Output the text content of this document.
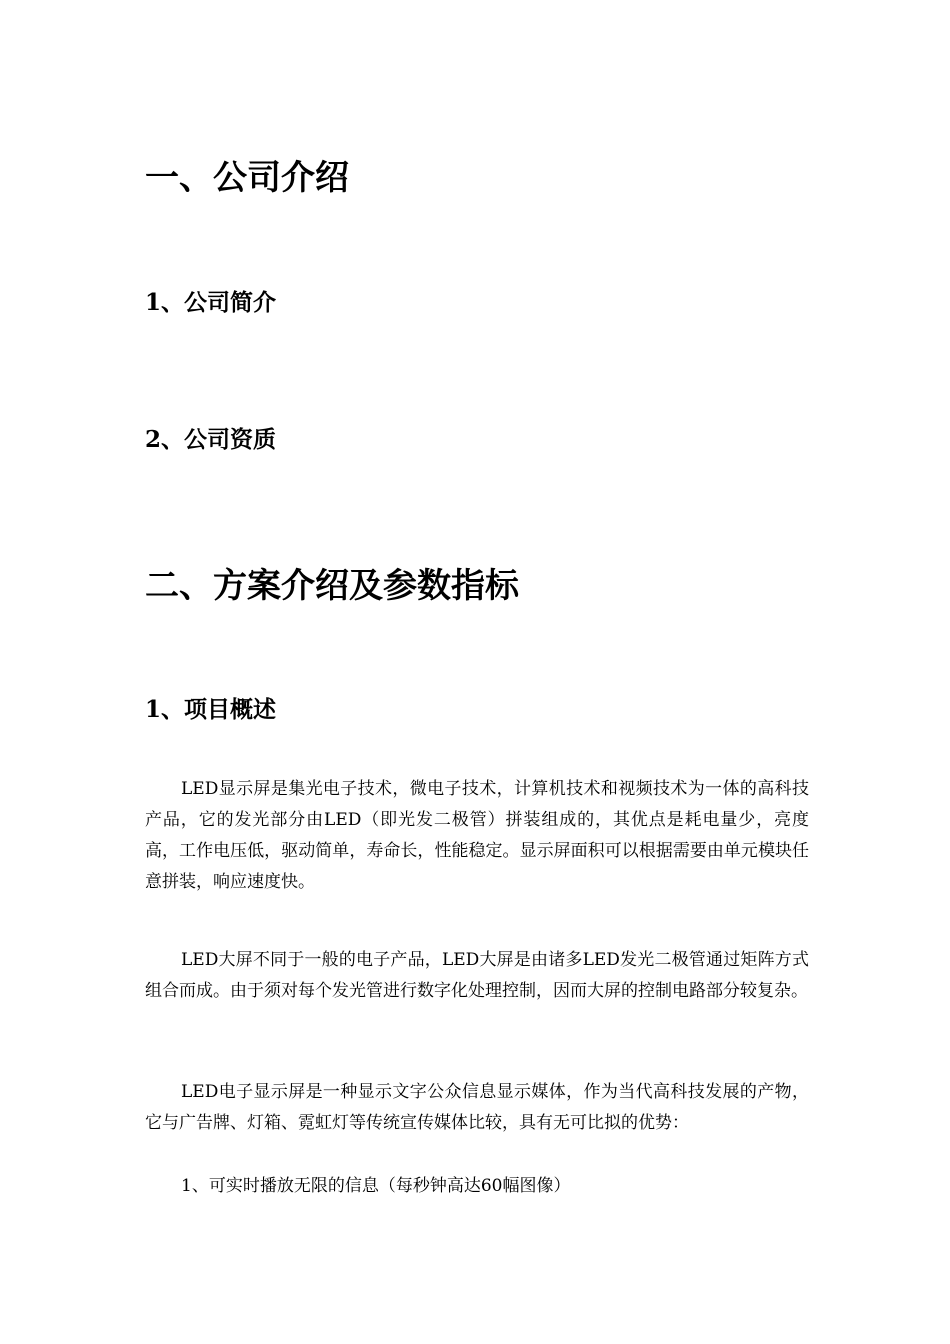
一、公司介绍
1、公司简介
2、公司资质
二、方案介绍及参数指标
1、项目概述

LED显示屏是集光电子技术，微电子技术，计算机技术和视频技术为一体的高科技产品，它的发光部分由LED（即光发二极管）拼装组成的，其优点是耗电量少，亮度高，工作电压低，驱动简单，寿命长，性能稳定。显示屏面积可以根据需要由单元模块任意拼装，响应速度快。

LED大屏不同于一般的电子产品，LED大屏是由诸多LED发光二极管通过矩阵方式组合而成。由于须对每个发光管进行数字化处理控制，因而大屏的控制电路部分较复杂。

LED电子显示屏是一种显示文字公众信息显示媒体，作为当代高科技发展的产物，它与广告牌、灯箱、霓虹灯等传统宣传媒体比较，具有无可比拟的优势：

1、可实时播放无限的信息（每秒钟高达60幅图像）
